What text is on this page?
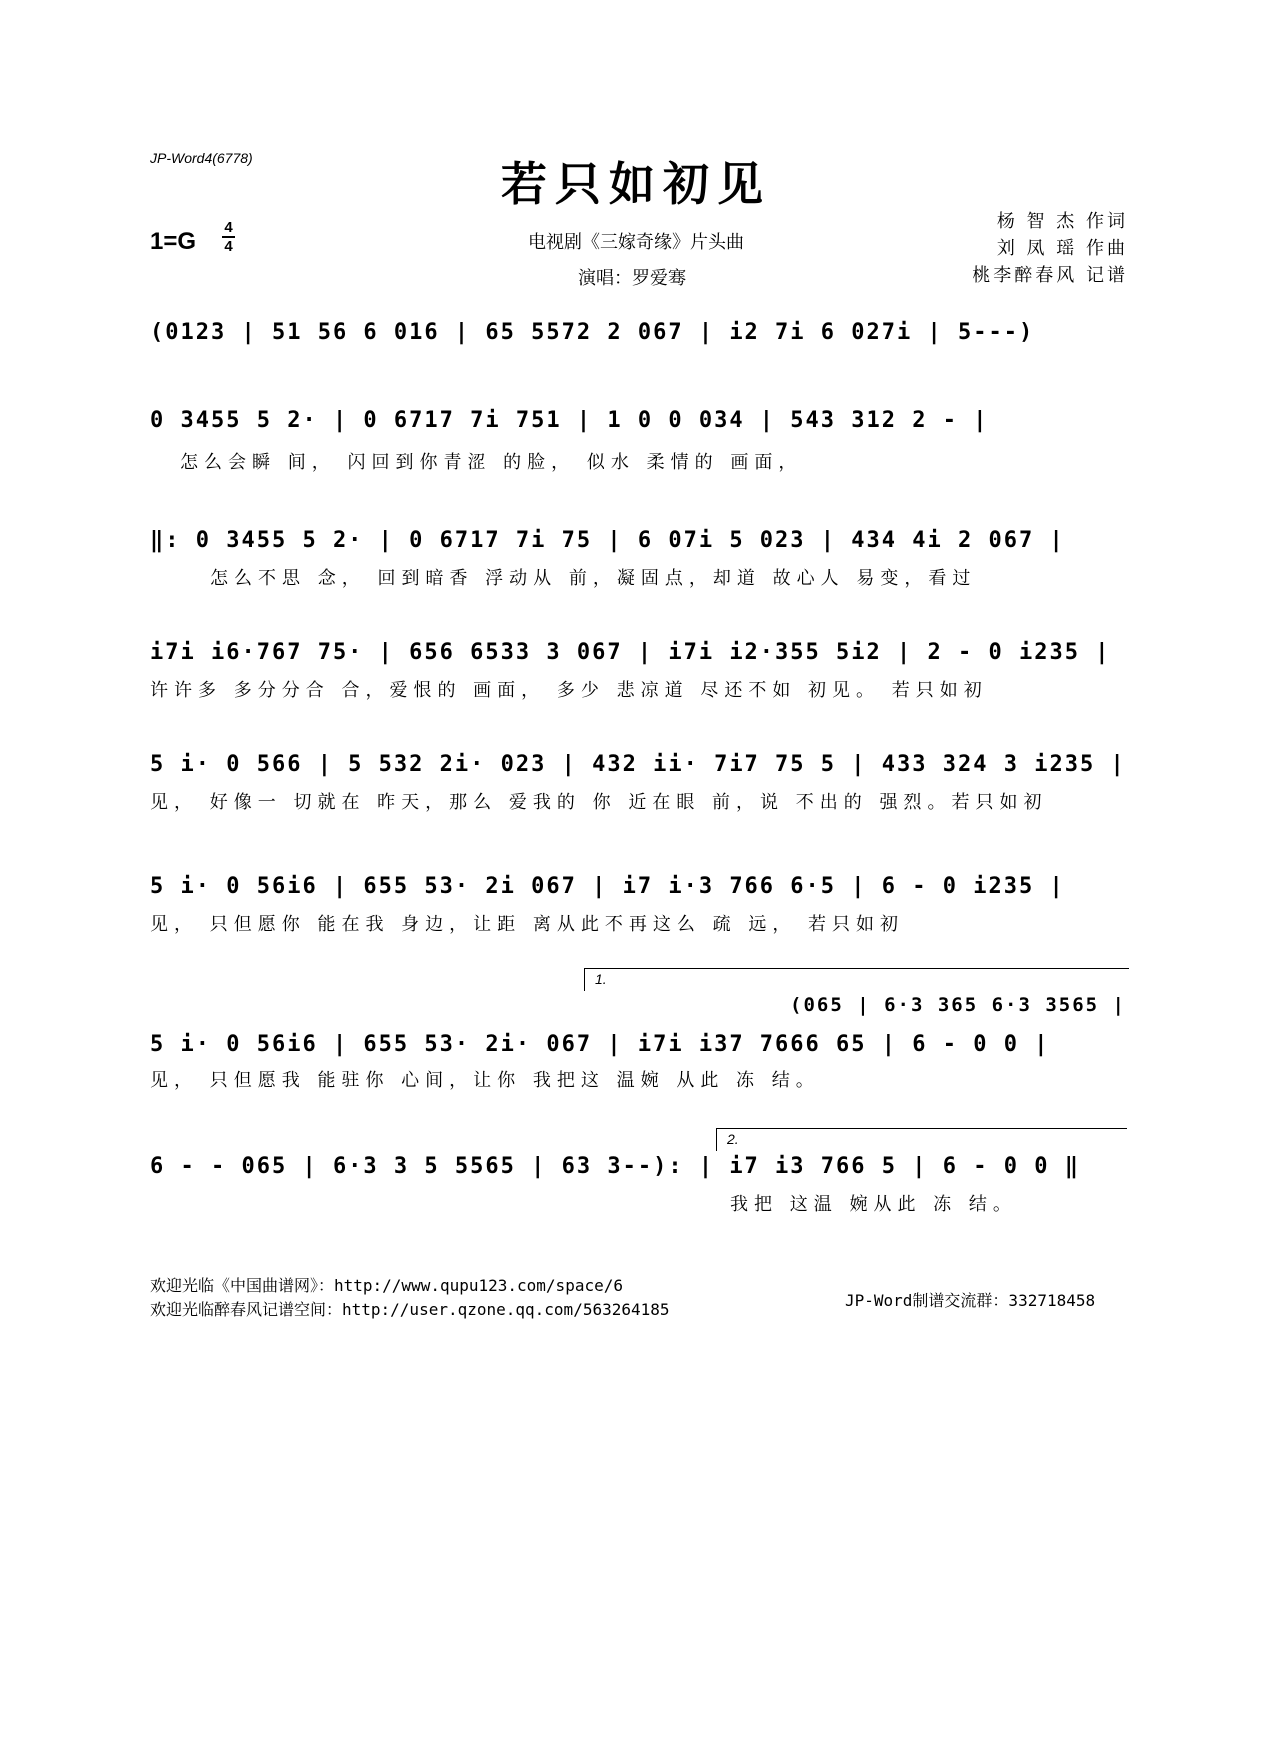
JP-Word4(6778)	若只如初见
1=G
4
4	电视剧《三嫁奇缘》片头曲
演唱：罗爱骞
杨 智 杰 作词
刘 凤 瑶 作曲
桃李醉春风 记谱
(0123 | 51 56 6 016 | 65 5572 2 067 | i2 7i 6 027i | 5---)
0 3455 5 2· | 0 6717 7i 751 | 1 0 0 034 | 543 312 2 - |
怎么会瞬 间， 闪回到你青涩 的脸， 似水 柔情的 画面，
‖: 0 3455 5 2· | 0 6717 7i 75 | 6 07i 5 023 | 434 4i 2 067 |
怎么不思 念， 回到暗香 浮动从 前，凝固点，却道 故心人 易变，看过
i7i i6·767 75· | 656 6533 3 067 | i7i i2·355 5i2 | 2 - 0 i235 |
许许多 多分分合 合，爱恨的 画面， 多少 悲凉道 尽还不如 初见。 若只如初
5 i· 0 566 | 5 532 2i· 023 | 432 ii· 7i7 75 5 | 433 324 3 i235 |
见， 好像一 切就在 昨天，那么 爱我的 你 近在眼 前，说 不出的 强烈。若只如初
5 i· 0 56i6 | 655 53· 2i 067 | i7 i·3 766 6·5 | 6 - 0 i235 |
见， 只但愿你 能在我 身边，让距 离从此不再这么 疏 远， 若只如初
1.
(065 | 6·3 365 6·3 3565 |
5 i· 0 56i6 | 655 53· 2i· 067 | i7i i37 7666 65 | 6 - 0 0 |
见， 只但愿我 能驻你 心间，让你 我把这 温婉 从此 冻 结。
2.
6 - - 065 | 6·3 3 5 5565 | 63 3--): | i7 i3 766 5 | 6 - 0 0 ‖
我把 这温 婉从此 冻 结。
欢迎光临《中国曲谱网》：http://www.qupu123.com/space/6
欢迎光临醉春风记谱空间：http://user.qzone.qq.com/563264185	JP-Word制谱交流群：332718458
